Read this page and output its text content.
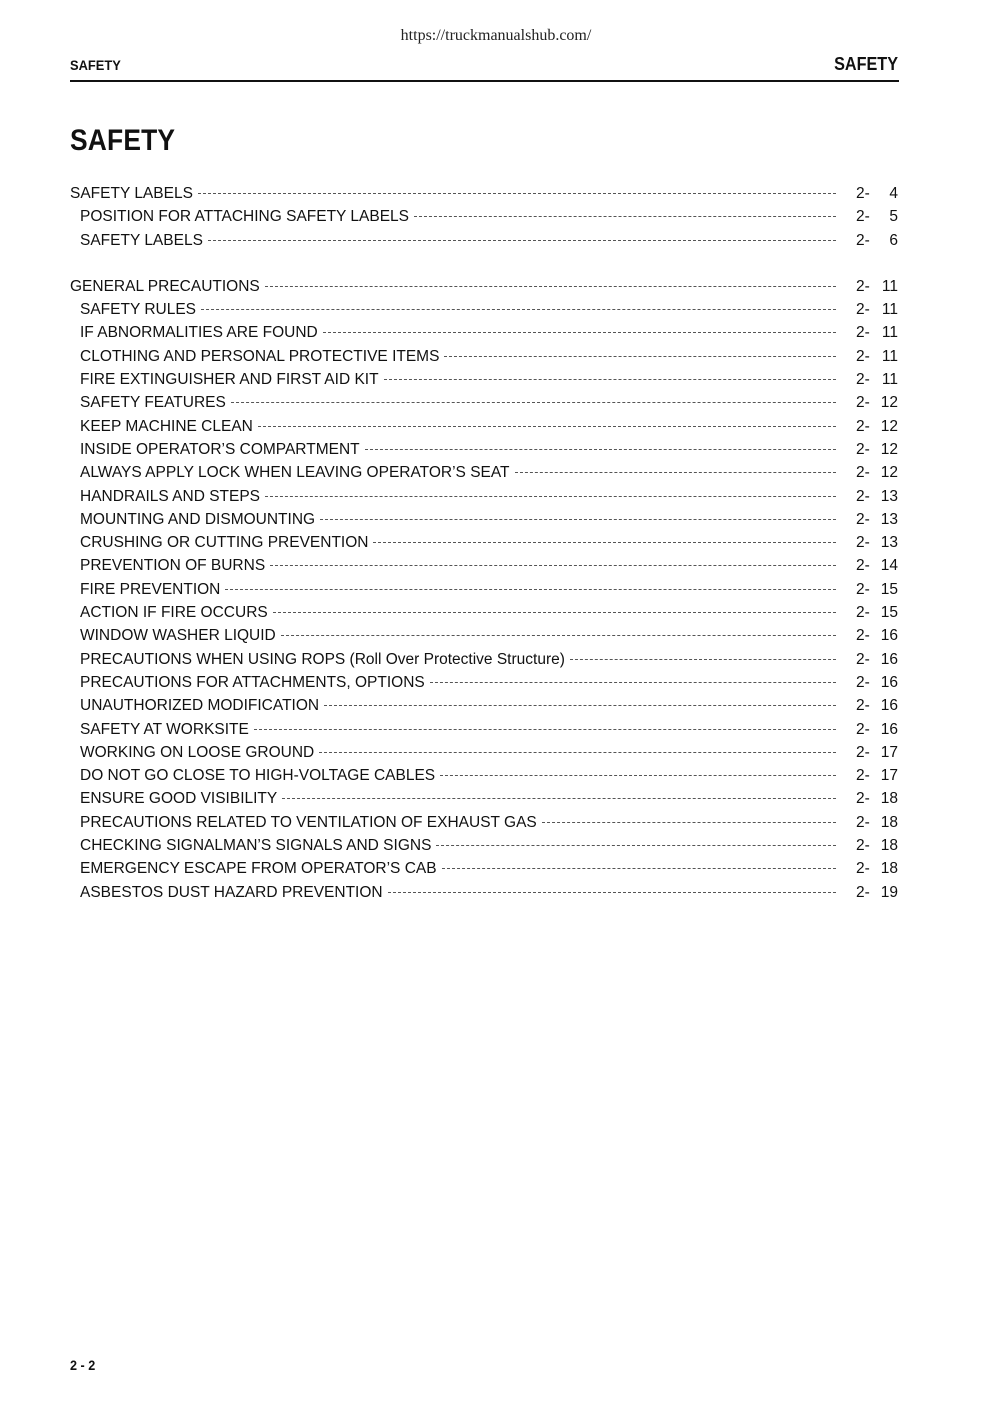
https://truckmanualshub.com/
SAFETY	SAFETY
SAFETY
SAFETY LABELS	2- 4
POSITION FOR ATTACHING SAFETY LABELS	2- 5
SAFETY LABELS	2- 6
GENERAL PRECAUTIONS	2- 11
SAFETY RULES	2- 11
IF ABNORMALITIES ARE FOUND	2- 11
CLOTHING AND PERSONAL PROTECTIVE ITEMS	2- 11
FIRE EXTINGUISHER AND FIRST AID KIT	2- 11
SAFETY FEATURES	2- 12
KEEP MACHINE CLEAN	2- 12
INSIDE OPERATOR’S COMPARTMENT	2- 12
ALWAYS APPLY LOCK WHEN LEAVING OPERATOR’S SEAT	2- 12
HANDRAILS AND STEPS	2- 13
MOUNTING AND DISMOUNTING	2- 13
CRUSHING OR CUTTING PREVENTION	2- 13
PREVENTION OF BURNS	2- 14
FIRE PREVENTION	2- 15
ACTION IF FIRE OCCURS	2- 15
WINDOW WASHER LIQUID	2- 16
PRECAUTIONS WHEN USING ROPS (Roll Over Protective Structure)	2- 16
PRECAUTIONS FOR ATTACHMENTS, OPTIONS	2- 16
UNAUTHORIZED MODIFICATION	2- 16
SAFETY AT WORKSITE	2- 16
WORKING ON LOOSE GROUND	2- 17
DO NOT GO CLOSE TO HIGH-VOLTAGE CABLES	2- 17
ENSURE GOOD VISIBILITY	2- 18
PRECAUTIONS RELATED TO VENTILATION OF EXHAUST GAS	2- 18
CHECKING SIGNALMAN’S SIGNALS AND SIGNS	2- 18
EMERGENCY ESCAPE FROM OPERATOR’S CAB	2- 18
ASBESTOS DUST HAZARD PREVENTION	2- 19
2 - 2
